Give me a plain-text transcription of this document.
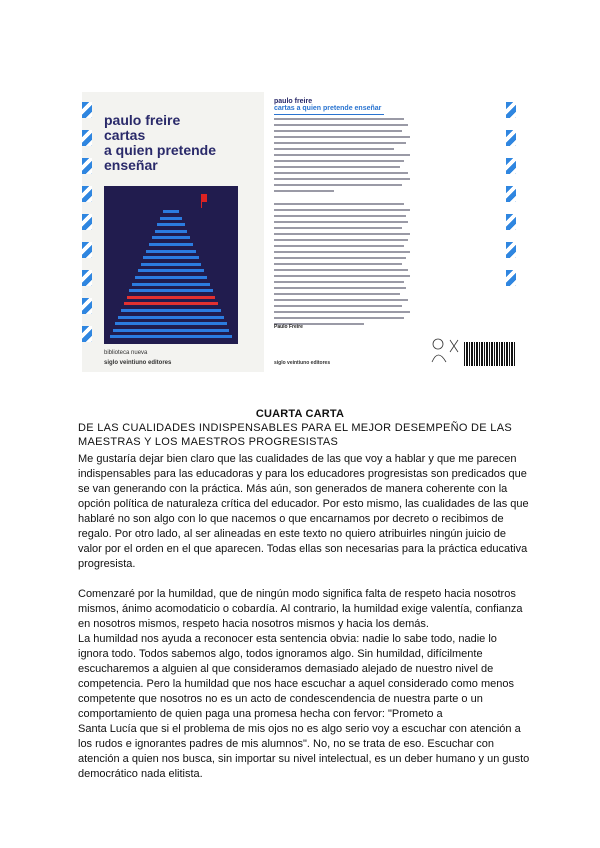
paulo freire
cartas
a quien pretende
enseñar
biblioteca nueva
siglo veintiuno editores
paulo freire
cartas a quien pretende enseñar
Paulo Freire
siglo veintiuno editores
CUARTA CARTA
DE LAS CUALIDADES INDISPENSABLES PARA EL MEJOR DESEMPEÑO DE LAS MAESTRAS Y LOS MAESTROS PROGRESISTAS
Me gustaría dejar bien claro que las cualidades de las que voy a hablar y que me parecen
indispensables para las educadoras y para los educadores progresistas son predicados que
se van generando con la práctica. Más aún, son generados de manera coherente con la
opción política de naturaleza crítica del educador. Por esto mismo, las cualidades de las que
hablaré no son algo con lo que nacemos o que encarnamos por decreto o recibimos de
regalo. Por otro lado, al ser alineadas en este texto no quiero atribuirles ningún juicio de
valor por el orden en el que aparecen. Todas ellas son necesarias para la práctica educativa
progresista.
Comenzaré por la humildad, que de ningún modo significa falta de respeto hacia nosotros
mismos, ánimo acomodaticio o cobardía. Al contrario, la humildad exige valentía, confianza
en nosotros mismos, respeto hacia nosotros mismos y hacia los demás.
La humildad nos ayuda a reconocer esta sentencia obvia: nadie lo sabe todo, nadie lo
ignora todo. Todos sabemos algo, todos ignoramos algo. Sin humildad, difícilmente
escucharemos a alguien al que consideramos demasiado alejado de nuestro nivel de
competencia. Pero la humildad que nos hace escuchar a aquel considerado como menos
competente que nosotros no es un acto de condescendencia de nuestra parte o un
comportamiento de quien paga una promesa hecha con fervor: "Prometo a
Santa Lucía que si el problema de mis ojos no es algo serio voy a escuchar con atención a
los rudos e ignorantes padres de mis alumnos". No, no se trata de eso. Escuchar con
atención a quien nos busca, sin importar su nivel intelectual, es un deber humano y un gusto
democrático nada elitista.
